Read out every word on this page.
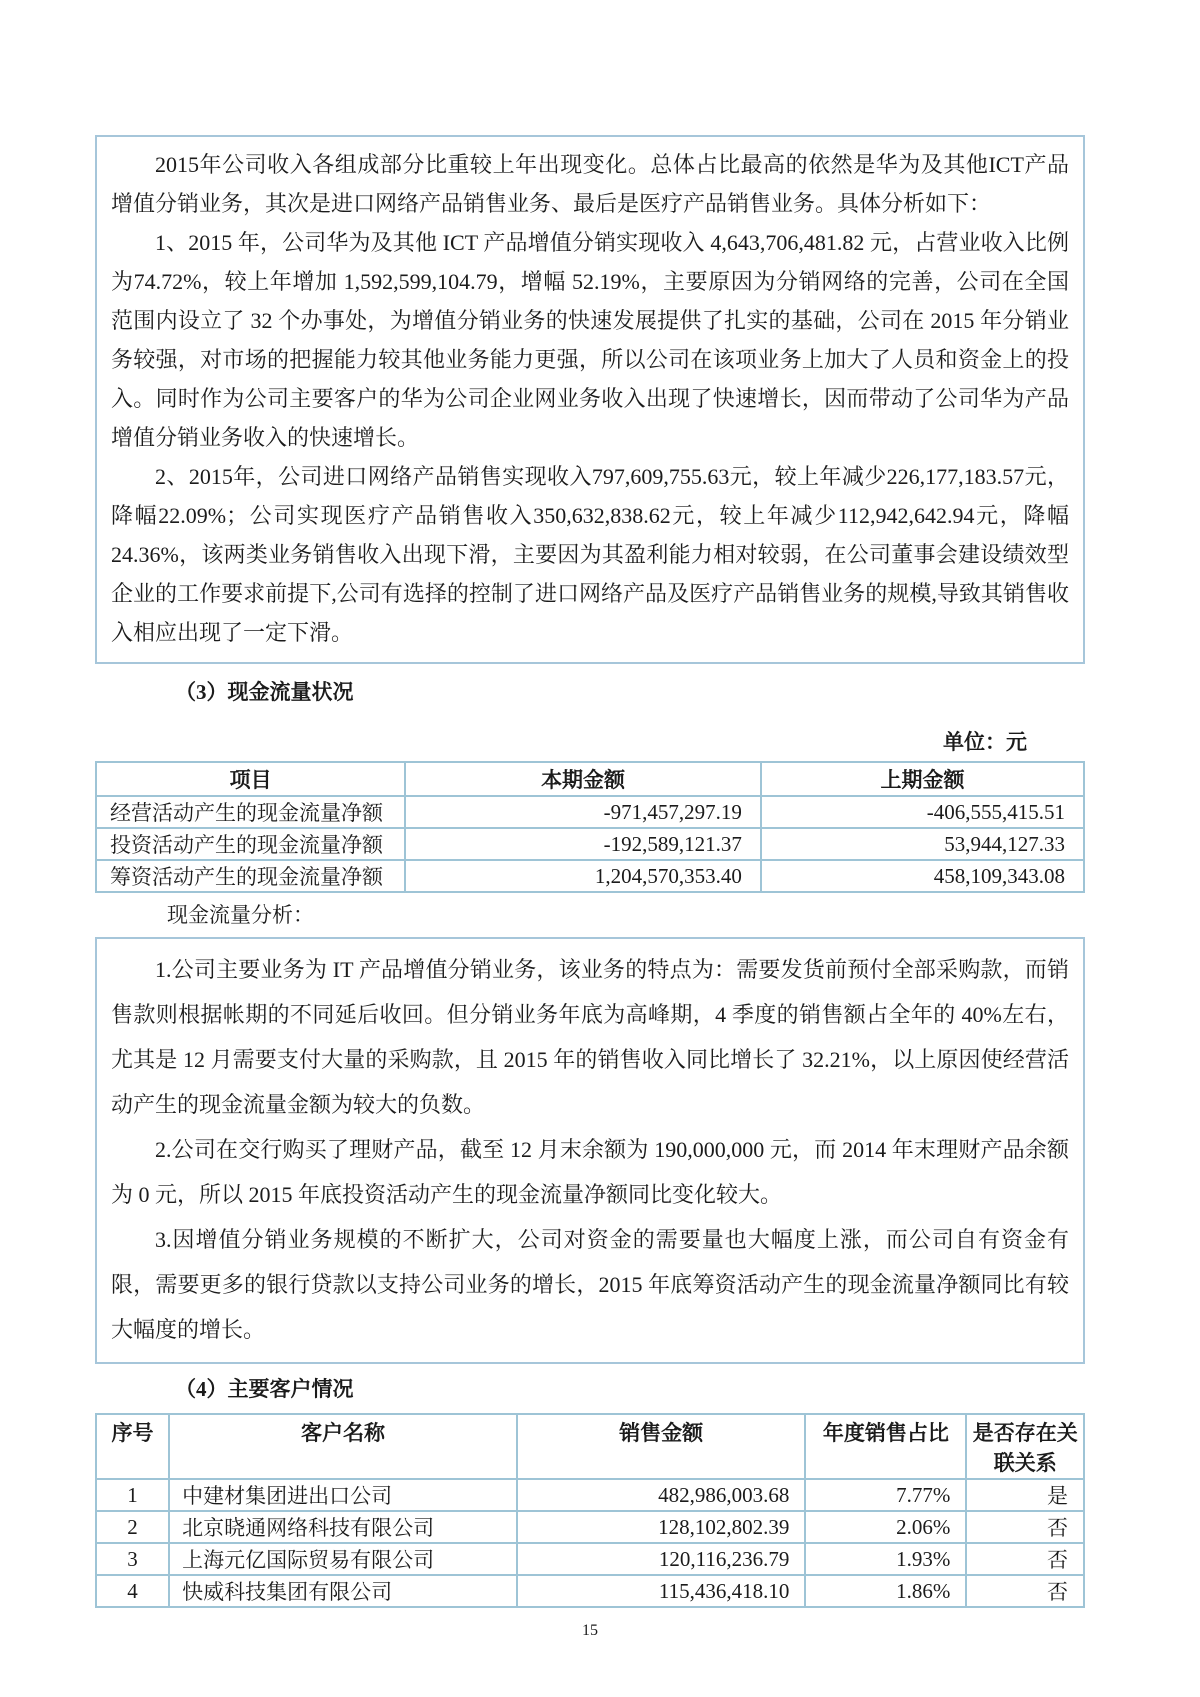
2015年公司收入各组成部分比重较上年出现变化。总体占比最高的依然是华为及其他ICT产品增值分销业务，其次是进口网络产品销售业务、最后是医疗产品销售业务。具体分析如下：

1、2015 年，公司华为及其他 ICT 产品增值分销实现收入 4,643,706,481.82 元，占营业收入比例为74.72%，较上年增加 1,592,599,104.79，增幅 52.19%，主要原因为分销网络的完善，公司在全国范围内设立了 32 个办事处，为增值分销业务的快速发展提供了扎实的基础，公司在 2015 年分销业务较强，对市场的把握能力较其他业务能力更强，所以公司在该项业务上加大了人员和资金上的投入。同时作为公司主要客户的华为公司企业网业务收入出现了快速增长，因而带动了公司华为产品增值分销业务收入的快速增长。

2、2015年，公司进口网络产品销售实现收入797,609,755.63元，较上年减少226,177,183.57元，降幅22.09%；公司实现医疗产品销售收入350,632,838.62元，较上年减少112,942,642.94元，降幅24.36%，该两类业务销售收入出现下滑，主要因为其盈利能力相对较弱，在公司董事会建设绩效型企业的工作要求前提下,公司有选择的控制了进口网络产品及医疗产品销售业务的规模,导致其销售收入相应出现了一定下滑。

（3）现金流量状况
单位：元
项目	本期金额	上期金额
经营活动产生的现金流量净额	-971,457,297.19	-406,555,415.51
投资活动产生的现金流量净额	-192,589,121.37	53,944,127.33
筹资活动产生的现金流量净额	1,204,570,353.40	458,109,343.08
现金流量分析：

1.公司主要业务为 IT 产品增值分销业务，该业务的特点为：需要发货前预付全部采购款，而销售款则根据帐期的不同延后收回。但分销业务年底为高峰期，4 季度的销售额占全年的 40%左右，尤其是 12 月需要支付大量的采购款，且 2015 年的销售收入同比增长了 32.21%，以上原因使经营活动产生的现金流量金额为较大的负数。

2.公司在交行购买了理财产品，截至 12 月末余额为 190,000,000 元，而 2014 年末理财产品余额为 0 元，所以 2015 年底投资活动产生的现金流量净额同比变化较大。

3.因增值分销业务规模的不断扩大，公司对资金的需要量也大幅度上涨，而公司自有资金有限，需要更多的银行贷款以支持公司业务的增长，2015 年底筹资活动产生的现金流量净额同比有较大幅度的增长。

（4）主要客户情况
序号	客户名称	销售金额	年度销售占比	是否存在关联关系
1	中建材集团进出口公司	482,986,003.68	7.77%	是
2	北京晓通网络科技有限公司	128,102,802.39	2.06%	否
3	上海元亿国际贸易有限公司	120,116,236.79	1.93%	否
4	快威科技集团有限公司	115,436,418.10	1.86%	否
15
